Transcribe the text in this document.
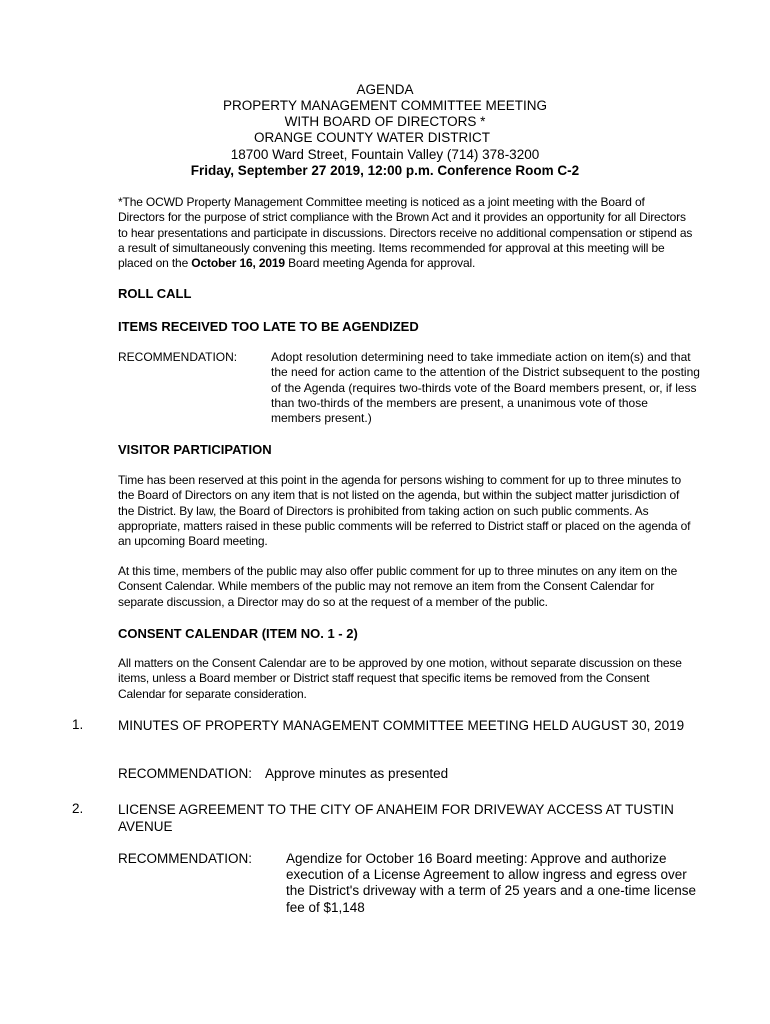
AGENDA
PROPERTY MANAGEMENT COMMITTEE MEETING
WITH BOARD OF DIRECTORS *
ORANGE COUNTY WATER DISTRICT
18700 Ward Street, Fountain Valley (714) 378-3200
Friday, September 27 2019, 12:00 p.m. Conference Room C-2
*The OCWD Property Management Committee meeting is noticed as a joint meeting with the Board of Directors for the purpose of strict compliance with the Brown Act and it provides an opportunity for all Directors to hear presentations and participate in discussions. Directors receive no additional compensation or stipend as a result of simultaneously convening this meeting. Items recommended for approval at this meeting will be placed on the October 16, 2019 Board meeting Agenda for approval.
ROLL CALL
ITEMS RECEIVED TOO LATE TO BE AGENDIZED
RECOMMENDATION:	Adopt resolution determining need to take immediate action on item(s) and that the need for action came to the attention of the District subsequent to the posting of the Agenda (requires two-thirds vote of the Board members present, or, if less than two-thirds of the members are present, a unanimous vote of those members present.)
VISITOR PARTICIPATION
Time has been reserved at this point in the agenda for persons wishing to comment for up to three minutes to the Board of Directors on any item that is not listed on the agenda, but within the subject matter jurisdiction of the District. By law, the Board of Directors is prohibited from taking action on such public comments. As appropriate, matters raised in these public comments will be referred to District staff or placed on the agenda of an upcoming Board meeting.
At this time, members of the public may also offer public comment for up to three minutes on any item on the Consent Calendar. While members of the public may not remove an item from the Consent Calendar for separate discussion, a Director may do so at the request of a member of the public.
CONSENT CALENDAR (ITEM NO. 1 - 2)
All matters on the Consent Calendar are to be approved by one motion, without separate discussion on these items, unless a Board member or District staff request that specific items be removed from the Consent Calendar for separate consideration.
1.	MINUTES OF PROPERTY MANAGEMENT COMMITTEE MEETING HELD AUGUST 30, 2019
RECOMMENDATION: Approve minutes as presented
2.	LICENSE AGREEMENT TO THE CITY OF ANAHEIM FOR DRIVEWAY ACCESS AT TUSTIN AVENUE
RECOMMENDATION:	Agendize for October 16 Board meeting: Approve and authorize execution of a License Agreement to allow ingress and egress over the District's driveway with a term of 25 years and a one-time license fee of $1,148
